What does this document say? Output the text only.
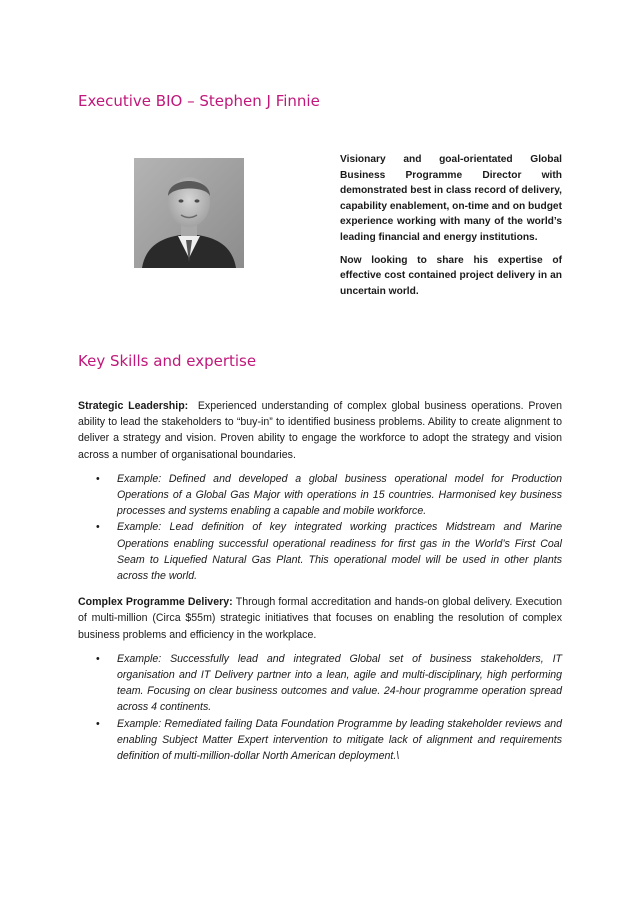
Executive BIO – Stephen J Finnie

Visionary and goal-orientated Global Business Programme Director with demonstrated best in class record of delivery, capability enablement, on-time and on budget experience working with many of the world’s leading financial and energy institutions.

Now looking to share his expertise of effective cost contained project delivery in an uncertain world.

Key Skills and expertise

Strategic Leadership: Experienced understanding of complex global business operations. Proven ability to lead the stakeholders to “buy-in” to identified business problems. Ability to create alignment to deliver a strategy and vision. Proven ability to engage the workforce to adopt the strategy and vision across a number of organisational boundaries.

• Example: Defined and developed a global business operational model for Production Operations of a Global Gas Major with operations in 15 countries. Harmonised key business processes and systems enabling a capable and mobile workforce.
• Example: Lead definition of key integrated working practices Midstream and Marine Operations enabling successful operational readiness for first gas in the World’s First Coal Seam to Liquefied Natural Gas Plant. This operational model will be used in other plants across the world.

Complex Programme Delivery: Through formal accreditation and hands-on global delivery. Execution of multi-million (Circa $55m) strategic initiatives that focuses on enabling the resolution of complex business problems and efficiency in the workplace.

• Example: Successfully lead and integrated Global set of business stakeholders, IT organisation and IT Delivery partner into a lean, agile and multi-disciplinary, high performing team. Focusing on clear business outcomes and value. 24-hour programme operation spread across 4 continents.
• Example: Remediated failing Data Foundation Programme by leading stakeholder reviews and enabling Subject Matter Expert intervention to mitigate lack of alignment and requirements definition of multi-million-dollar North American deployment.\
